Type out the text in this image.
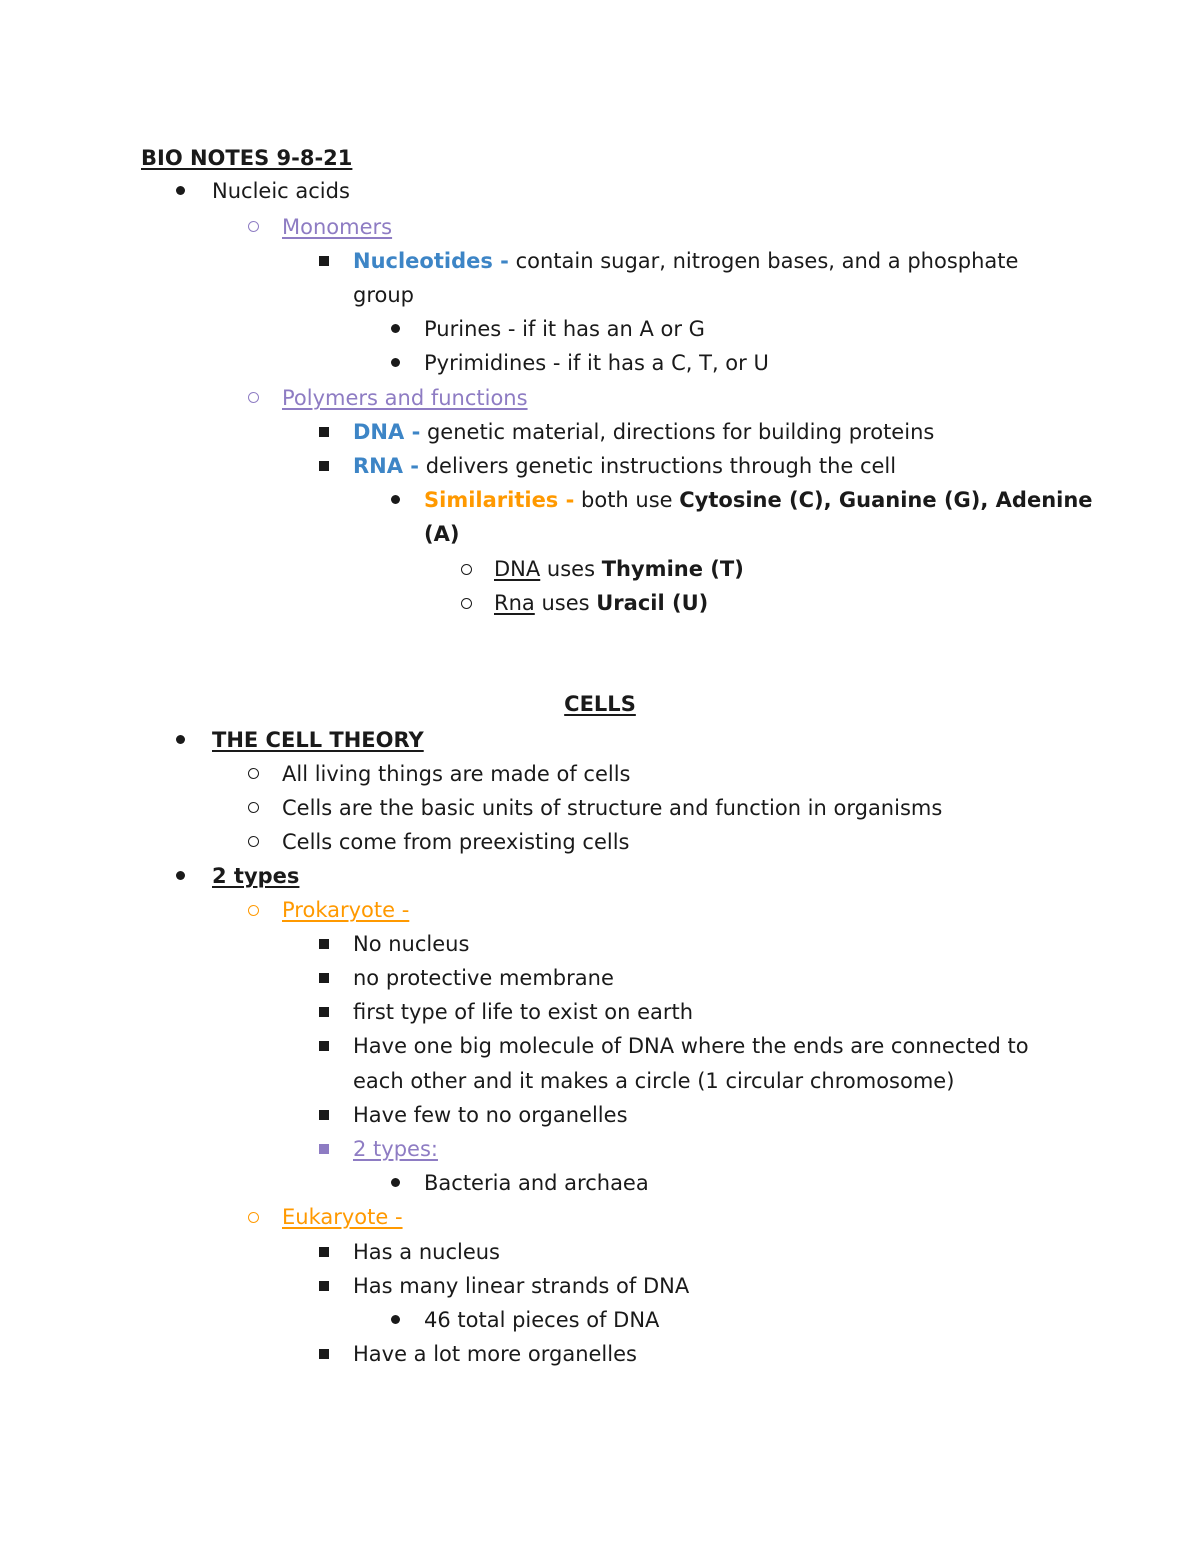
BIO NOTES 9-8-21
Nucleic acids
Monomers
Nucleotides - contain sugar, nitrogen bases, and a phosphate
group
Purines - if it has an A or G
Pyrimidines - if it has a C, T, or U
Polymers and functions
DNA - genetic material, directions for building proteins
RNA - delivers genetic instructions through the cell
Similarities - both use Cytosine (C), Guanine (G), Adenine
(A)
DNA uses Thymine (T)
Rna uses Uracil (U)
CELLS
THE CELL THEORY
All living things are made of cells
Cells are the basic units of structure and function in organisms
Cells come from preexisting cells
2 types
Prokaryote -
No nucleus
no protective membrane
first type of life to exist on earth
Have one big molecule of DNA where the ends are connected to
each other and it makes a circle (1 circular chromosome)
Have few to no organelles
2 types:
Bacteria and archaea
Eukaryote -
Has a nucleus
Has many linear strands of DNA
46 total pieces of DNA
Have a lot more organelles
